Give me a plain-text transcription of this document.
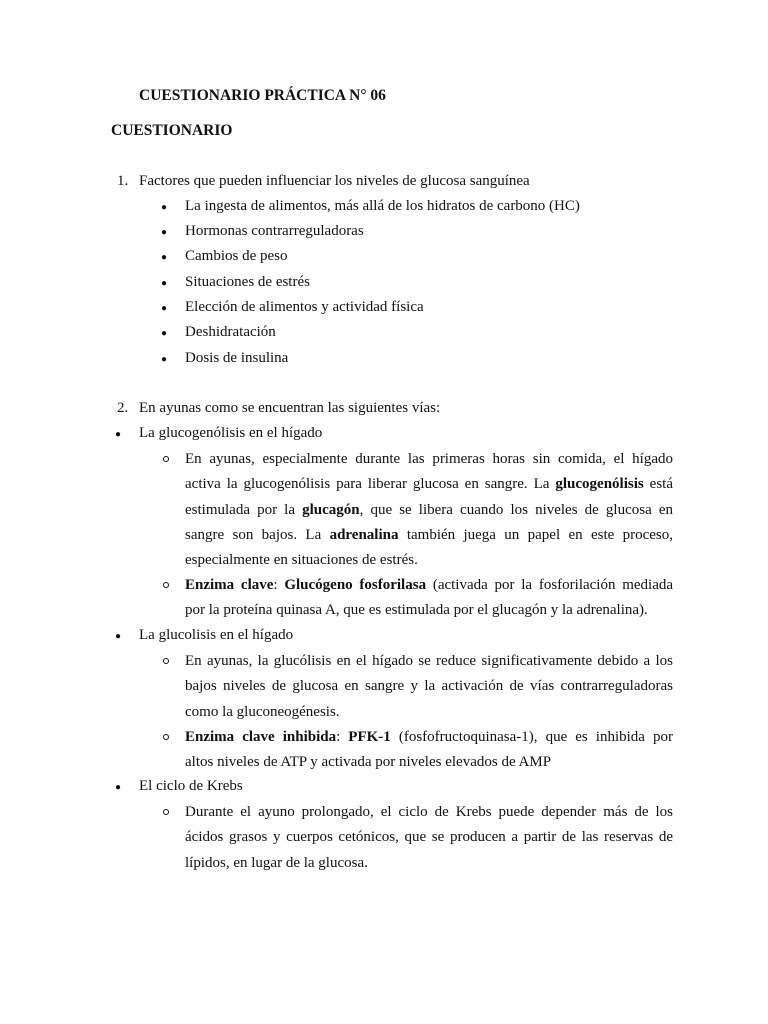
CUESTIONARIO PRÁCTICA N° 06
CUESTIONARIO
1. Factores que pueden influenciar los niveles de glucosa sanguínea
● La ingesta de alimentos, más allá de los hidratos de carbono (HC)
● Hormonas contrarreguladoras
● Cambios de peso
● Situaciones de estrés
● Elección de alimentos y actividad física
● Deshidratación
● Dosis de insulina
2. En ayunas como se encuentran las siguientes vías:
● La glucogenólisis en el hígado
En ayunas, especialmente durante las primeras horas sin comida, el hígado
activa la glucogenólisis para liberar glucosa en sangre. La glucogenólisis está
estimulada por la glucagón, que se libera cuando los niveles de glucosa en
sangre son bajos. La adrenalina también juega un papel en este proceso,
especialmente en situaciones de estrés.
Enzima clave: Glucógeno fosforilasa (activada por la fosforilación mediada
por la proteína quinasa A, que es estimulada por el glucagón y la adrenalina).
● La glucolisis en el hígado
En ayunas, la glucólisis en el hígado se reduce significativamente debido a los
bajos niveles de glucosa en sangre y la activación de vías contrarreguladoras
como la gluconeogénesis.
Enzima clave inhibida: PFK-1 (fosfofructoquinasa-1), que es inhibida por
altos niveles de ATP y activada por niveles elevados de AMP
● El ciclo de Krebs
Durante el ayuno prolongado, el ciclo de Krebs puede depender más de los
ácidos grasos y cuerpos cetónicos, que se producen a partir de las reservas de
lípidos, en lugar de la glucosa.
